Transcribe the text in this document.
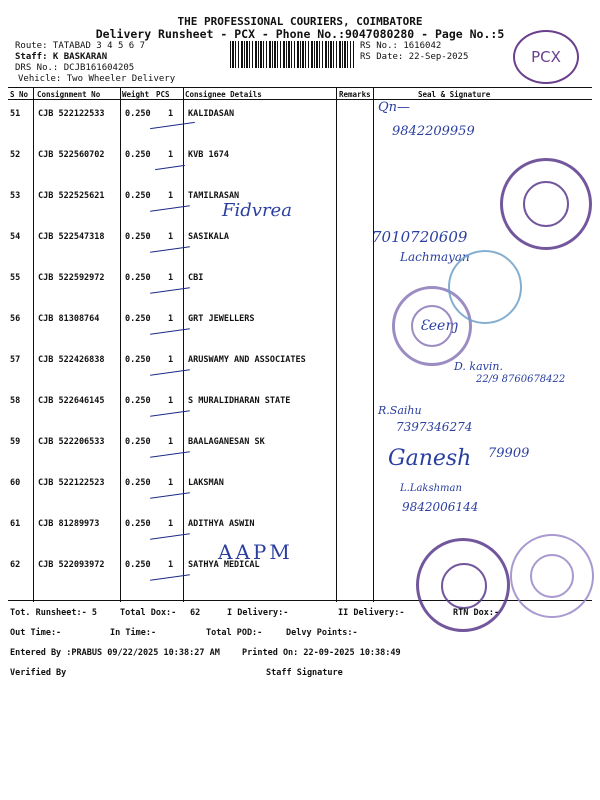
THE PROFESSIONAL COURIERS, COIMBATORE
Delivery Runsheet - PCX - Phone No.:9047080280 - Page No.:5
Route: TATABAD 3 4 5 6 7
Staff: K BASKARAN
DRS No.: DCJB161604205
Vehicle: Two Wheeler Delivery
RS No.: 1616042
RS Date: 22-Sep-2025	PCX
S No Consignment No	Weight PCS Consignee Details	Remarks	Seal & Signature
51 CJB 522122533 0.250 1 KALIDASAN
52 CJB 522560702 0.250 1 KVB 1674
53 CJB 522525621 0.250 1 TAMILRASAN
54 CJB 522547318 0.250 1 SASIKALA
55 CJB 522592972 0.250 1 CBI
56 CJB 81308764	0.250 1 GRT JEWELLERS
57 CJB 522426838 0.250 1 ARUSWAMY AND ASSOCIATES
58 CJB 522646145 0.250 1 S MURALIDHARAN STATE
59 CJB 522206533 0.250 1 BAALAGANESAN SK
60 CJB 522122523 0.250 1 LAKSMAN
61 CJB 81289973	0.250 1 ADITHYA ASWIN
62 CJB 522093972 0.250 1 SATHYA MEDICAL
Qn—
9842209959
Fidvrea
7010720609
Lachmayan
Ԑeeɱ
D. kavin.
22/9 8760678422
R.Saihu
7397346274
Ganesh 79909
L.Lakshman
9842006144
AAPM
Tot. Runsheet:- 5	Total Dox:- 62	I Delivery:-	II Delivery:-	RTN Dox:-
Out Time:-	In Time:-	Total POD:-	Delvy Points:-
Entered By :PRABUS 09/22/2025 10:38:27 AM	Printed On: 22-09-2025 10:38:49
Verified By	Staff Signature
